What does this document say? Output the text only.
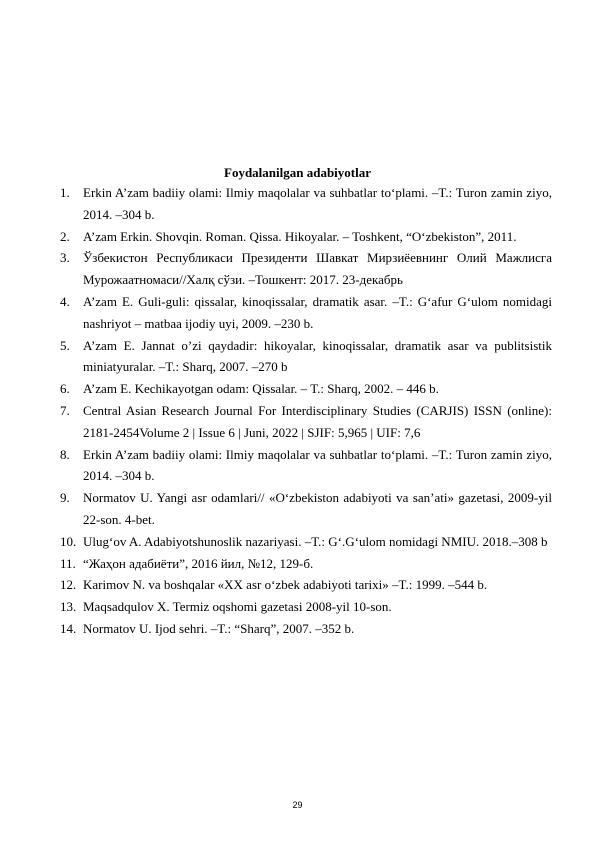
Foydalanilgan adabiyotlar
1. Erkin A’zam badiiy olami: Ilmiy maqolalar va suhbatlar to‘plami. –T.: Turon zamin ziyo, 2014. –304 b.
2. A’zam Erkin. Shovqin. Roman. Qissa. Hikoyalar. – Toshkent, “O‘zbekiston”, 2011.
3. Ўзбекистон Республикаси Президенти Шавкат Мирзиёевнинг Олий Мажлисга Мурожаатномаси//Халқ сўзи. –Тошкент: 2017. 23-декабрь
4. A’zam E. Guli-guli: qissalar, kinoqissalar, dramatik asar. –T.: G‘afur G‘ulom nomidagi nashriyot – matbaa ijodiy uyi, 2009. –230 b.
5. A’zam E. Jannat o’zi qaydadir: hikoyalar, kinoqissalar, dramatik asar va publitsistik miniatyuralar. –T.: Sharq, 2007. –270 b
6. A’zam E. Kechikayotgan odam: Qissalar. – T.: Sharq, 2002. – 446 b.
7. Central Asian Research Journal For Interdisciplinary Studies (CARJIS) ISSN (online): 2181-2454Volume 2 | Issue 6 | Juni, 2022 | SJIF: 5,965 | UIF: 7,6
8. Erkin A’zam badiiy olami: Ilmiy maqolalar va suhbatlar to‘plami. –T.: Turon zamin ziyo, 2014. –304 b.
9. Normatov U. Yangi asr odamlari// «O‘zbekiston adabiyoti va san’ati» gazetasi, 2009-yil 22-son. 4-bet.
10. Ulug‘ov A. Adabiyotshunoslik nazariyasi. –T.: G‘.G‘ulom nomidagi NMIU. 2018.–308 b
11. “Жаҳон адабиёти”, 2016 йил, №12, 129-б.
12. Karimov N. va boshqalar «XX asr o‘zbek adabiyoti tarixi» –T.: 1999. –544 b.
13. Maqsadqulov X. Termiz oqshomi gazetasi 2008-yil 10-son.
14. Normatov U. Ijod sehri. –T.: “Sharq”, 2007. –352 b.
29
